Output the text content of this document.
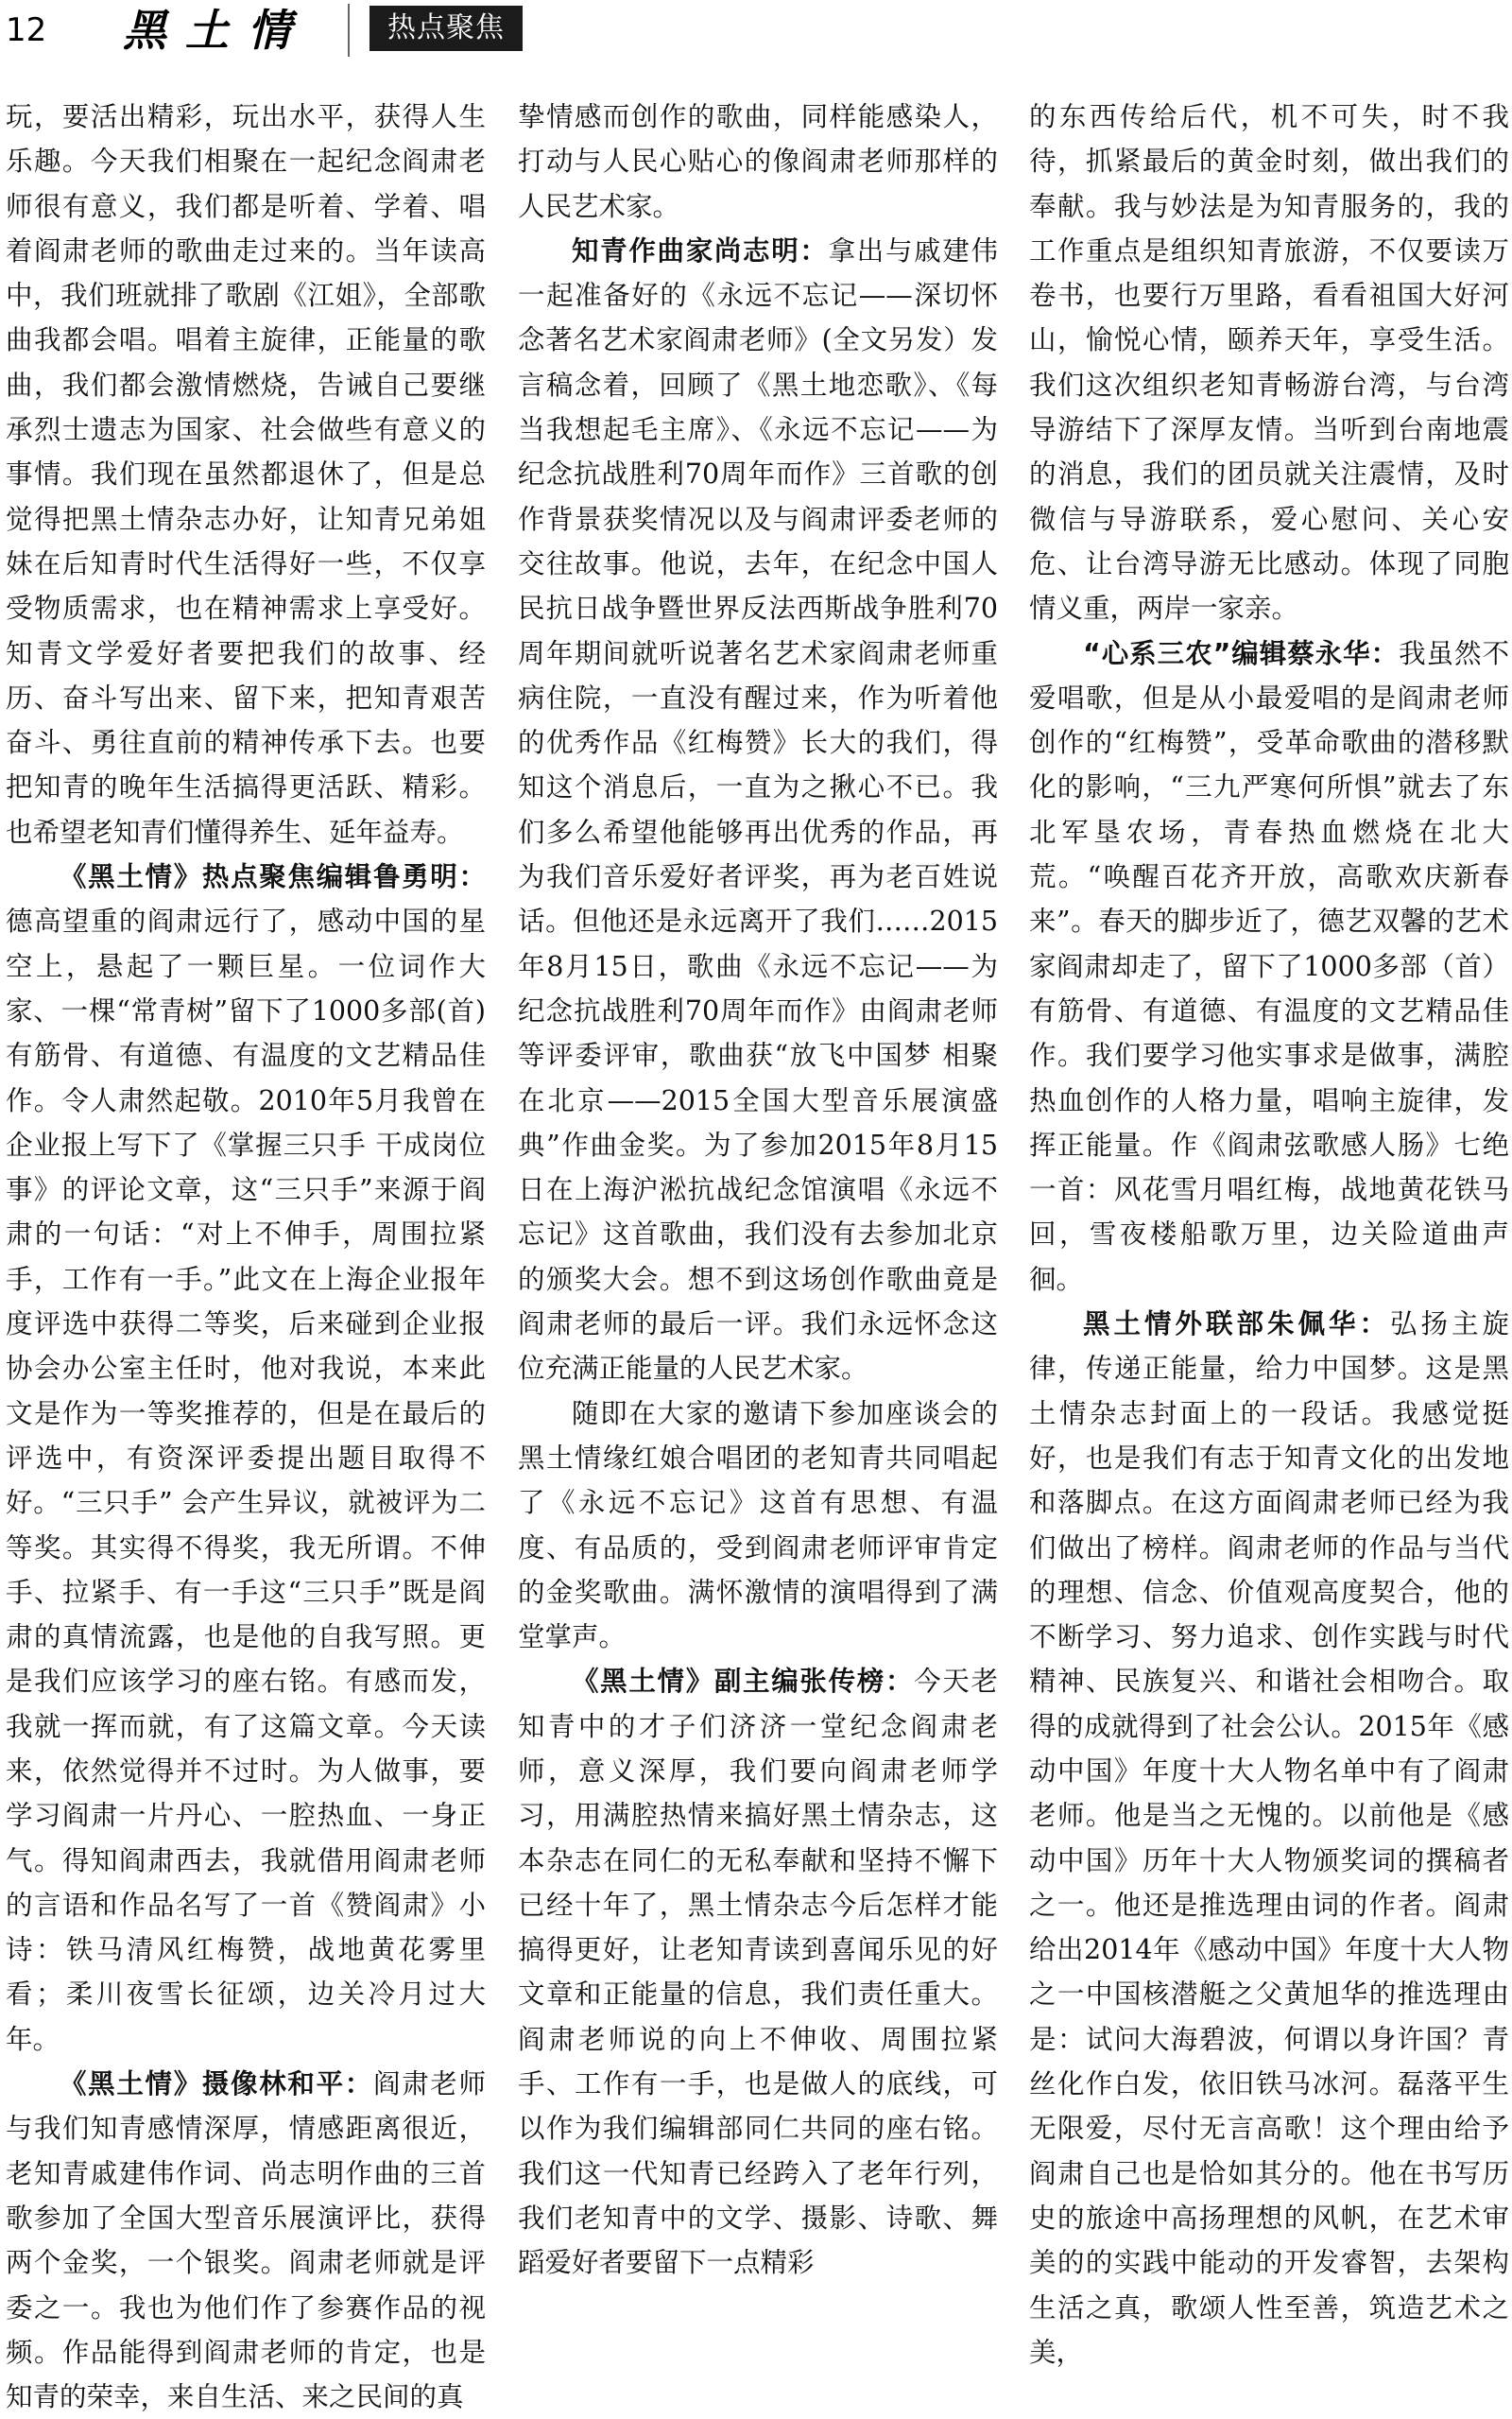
12 黑土情	热点聚焦

玩，要活出精彩，玩出水平，获得人生乐趣。今天我们相聚在一起纪念阎肃老师很有意义，我们都是听着、学着、唱着阎肃老师的歌曲走过来的。当年读高中，我们班就排了歌剧《江姐》，全部歌曲我都会唱。唱着主旋律，正能量的歌曲，我们都会激情燃烧，告诫自己要继承烈士遗志为国家、社会做些有意义的事情。我们现在虽然都退休了，但是总觉得把黑土情杂志办好，让知青兄弟姐妹在后知青时代生活得好一些，不仅享受物质需求，也在精神需求上享受好。知青文学爱好者要把我们的故事、经历、奋斗写出来、留下来，把知青艰苦奋斗、勇往直前的精神传承下去。也要把知青的晚年生活搞得更活跃、精彩。也希望老知青们懂得养生、延年益寿。

《黑土情》热点聚焦编辑鲁勇明：德高望重的阎肃远行了，感动中国的星空上，悬起了一颗巨星。一位词作大家、一棵“常青树”留下了1000多部(首)有筋骨、有道德、有温度的文艺精品佳作。令人肃然起敬。2010年5月我曾在企业报上写下了《掌握三只手 干成岗位事》的评论文章，这“三只手”来源于阎肃的一句话：“对上不伸手，周围拉紧手，工作有一手。”此文在上海企业报年度评选中获得二等奖，后来碰到企业报协会办公室主任时，他对我说，本来此文是作为一等奖推荐的，但是在最后的评选中，有资深评委提出题目取得不好。“三只手” 会产生异议，就被评为二等奖。其实得不得奖，我无所谓。不伸手、拉紧手、有一手这“三只手”既是阎肃的真情流露，也是他的自我写照。更是我们应该学习的座右铭。有感而发，我就一挥而就，有了这篇文章。今天读来，依然觉得并不过时。为人做事，要学习阎肃一片丹心、一腔热血、一身正气。得知阎肃西去，我就借用阎肃老师的言语和作品名写了一首《赞阎肃》小诗：铁马清风红梅赞，战地黄花雾里看；柔川夜雪长征颂，边关冷月过大年。

《黑土情》摄像林和平：阎肃老师与我们知青感情深厚，情感距离很近，老知青戚建伟作词、尚志明作曲的三首歌参加了全国大型音乐展演评比，获得两个金奖，一个银奖。阎肃老师就是评委之一。我也为他们作了参赛作品的视频。作品能得到阎肃老师的肯定，也是知青的荣幸，来自生活、来之民间的真

挚情感而创作的歌曲，同样能感染人，打动与人民心贴心的像阎肃老师那样的人民艺术家。

知青作曲家尚志明：拿出与戚建伟一起准备好的《永远不忘记——深切怀念著名艺术家阎肃老师》(全文另发）发言稿念着，回顾了《黑土地恋歌》、《每当我想起毛主席》、《永远不忘记——为纪念抗战胜利70周年而作》三首歌的创作背景获奖情况以及与阎肃评委老师的交往故事。他说，去年，在纪念中国人民抗日战争暨世界反法西斯战争胜利70周年期间就听说著名艺术家阎肃老师重病住院，一直没有醒过来，作为听着他的优秀作品《红梅赞》长大的我们，得知这个消息后，一直为之揪心不已。我们多么希望他能够再出优秀的作品，再为我们音乐爱好者评奖，再为老百姓说话。但他还是永远离开了我们……2015年8月15日，歌曲《永远不忘记——为纪念抗战胜利70周年而作》由阎肃老师等评委评审，歌曲获“放飞中国梦 相聚在北京——2015全国大型音乐展演盛典”作曲金奖。为了参加2015年8月15日在上海沪淞抗战纪念馆演唱《永远不忘记》这首歌曲，我们没有去参加北京的颁奖大会。想不到这场创作歌曲竟是阎肃老师的最后一评。我们永远怀念这位充满正能量的人民艺术家。

随即在大家的邀请下参加座谈会的黑土情缘红娘合唱团的老知青共同唱起了《永远不忘记》这首有思想、有温度、有品质的，受到阎肃老师评审肯定的金奖歌曲。满怀激情的演唱得到了满堂掌声。

《黑土情》副主编张传榜：今天老知青中的才子们济济一堂纪念阎肃老师，意义深厚，我们要向阎肃老师学习，用满腔热情来搞好黑土情杂志，这本杂志在同仁的无私奉献和坚持不懈下已经十年了，黑土情杂志今后怎样才能搞得更好，让老知青读到喜闻乐见的好文章和正能量的信息，我们责任重大。阎肃老师说的向上不伸收、周围拉紧手、工作有一手，也是做人的底线，可以作为我们编辑部同仁共同的座右铭。我们这一代知青已经跨入了老年行列，我们老知青中的文学、摄影、诗歌、舞蹈爱好者要留下一点精彩

的东西传给后代，机不可失，时不我待，抓紧最后的黄金时刻，做出我们的奉献。我与妙法是为知青服务的，我的工作重点是组织知青旅游，不仅要读万卷书，也要行万里路，看看祖国大好河山，愉悦心情，颐养天年，享受生活。我们这次组织老知青畅游台湾，与台湾导游结下了深厚友情。当听到台南地震的消息，我们的团员就关注震情，及时微信与导游联系，爱心慰问、关心安危、让台湾导游无比感动。体现了同胞情义重，两岸一家亲。

“心系三农”编辑蔡永华：我虽然不爱唱歌，但是从小最爱唱的是阎肃老师创作的“红梅赞”，受革命歌曲的潜移默化的影响，“三九严寒何所惧”就去了东北军垦农场，青春热血燃烧在北大荒。“唤醒百花齐开放，高歌欢庆新春来”。春天的脚步近了，德艺双馨的艺术家阎肃却走了，留下了1000多部（首）有筋骨、有道德、有温度的文艺精品佳作。我们要学习他实事求是做事，满腔热血创作的人格力量，唱响主旋律，发挥正能量。作《阎肃弦歌感人肠》七绝一首：风花雪月唱红梅，战地黄花铁马回，雪夜楼船歌万里，边关险道曲声徊。

黑土情外联部朱佩华：弘扬主旋律，传递正能量，给力中国梦。这是黑土情杂志封面上的一段话。我感觉挺好，也是我们有志于知青文化的出发地和落脚点。在这方面阎肃老师已经为我们做出了榜样。阎肃老师的作品与当代的理想、信念、价值观高度契合，他的不断学习、努力追求、创作实践与时代精神、民族复兴、和谐社会相吻合。取得的成就得到了社会公认。2015年《感动中国》年度十大人物名单中有了阎肃老师。他是当之无愧的。以前他是《感动中国》历年十大人物颁奖词的撰稿者之一。他还是推选理由词的作者。阎肃给出2014年《感动中国》年度十大人物之一中国核潜艇之父黄旭华的推选理由是：试问大海碧波，何谓以身许国？青丝化作白发，依旧铁马冰河。磊落平生无限爱，尽付无言高歌！这个理由给予阎肃自己也是恰如其分的。他在书写历史的旅途中高扬理想的风帆，在艺术审美的的实践中能动的开发睿智，去架构生活之真，歌颂人性至善，筑造艺术之美，
